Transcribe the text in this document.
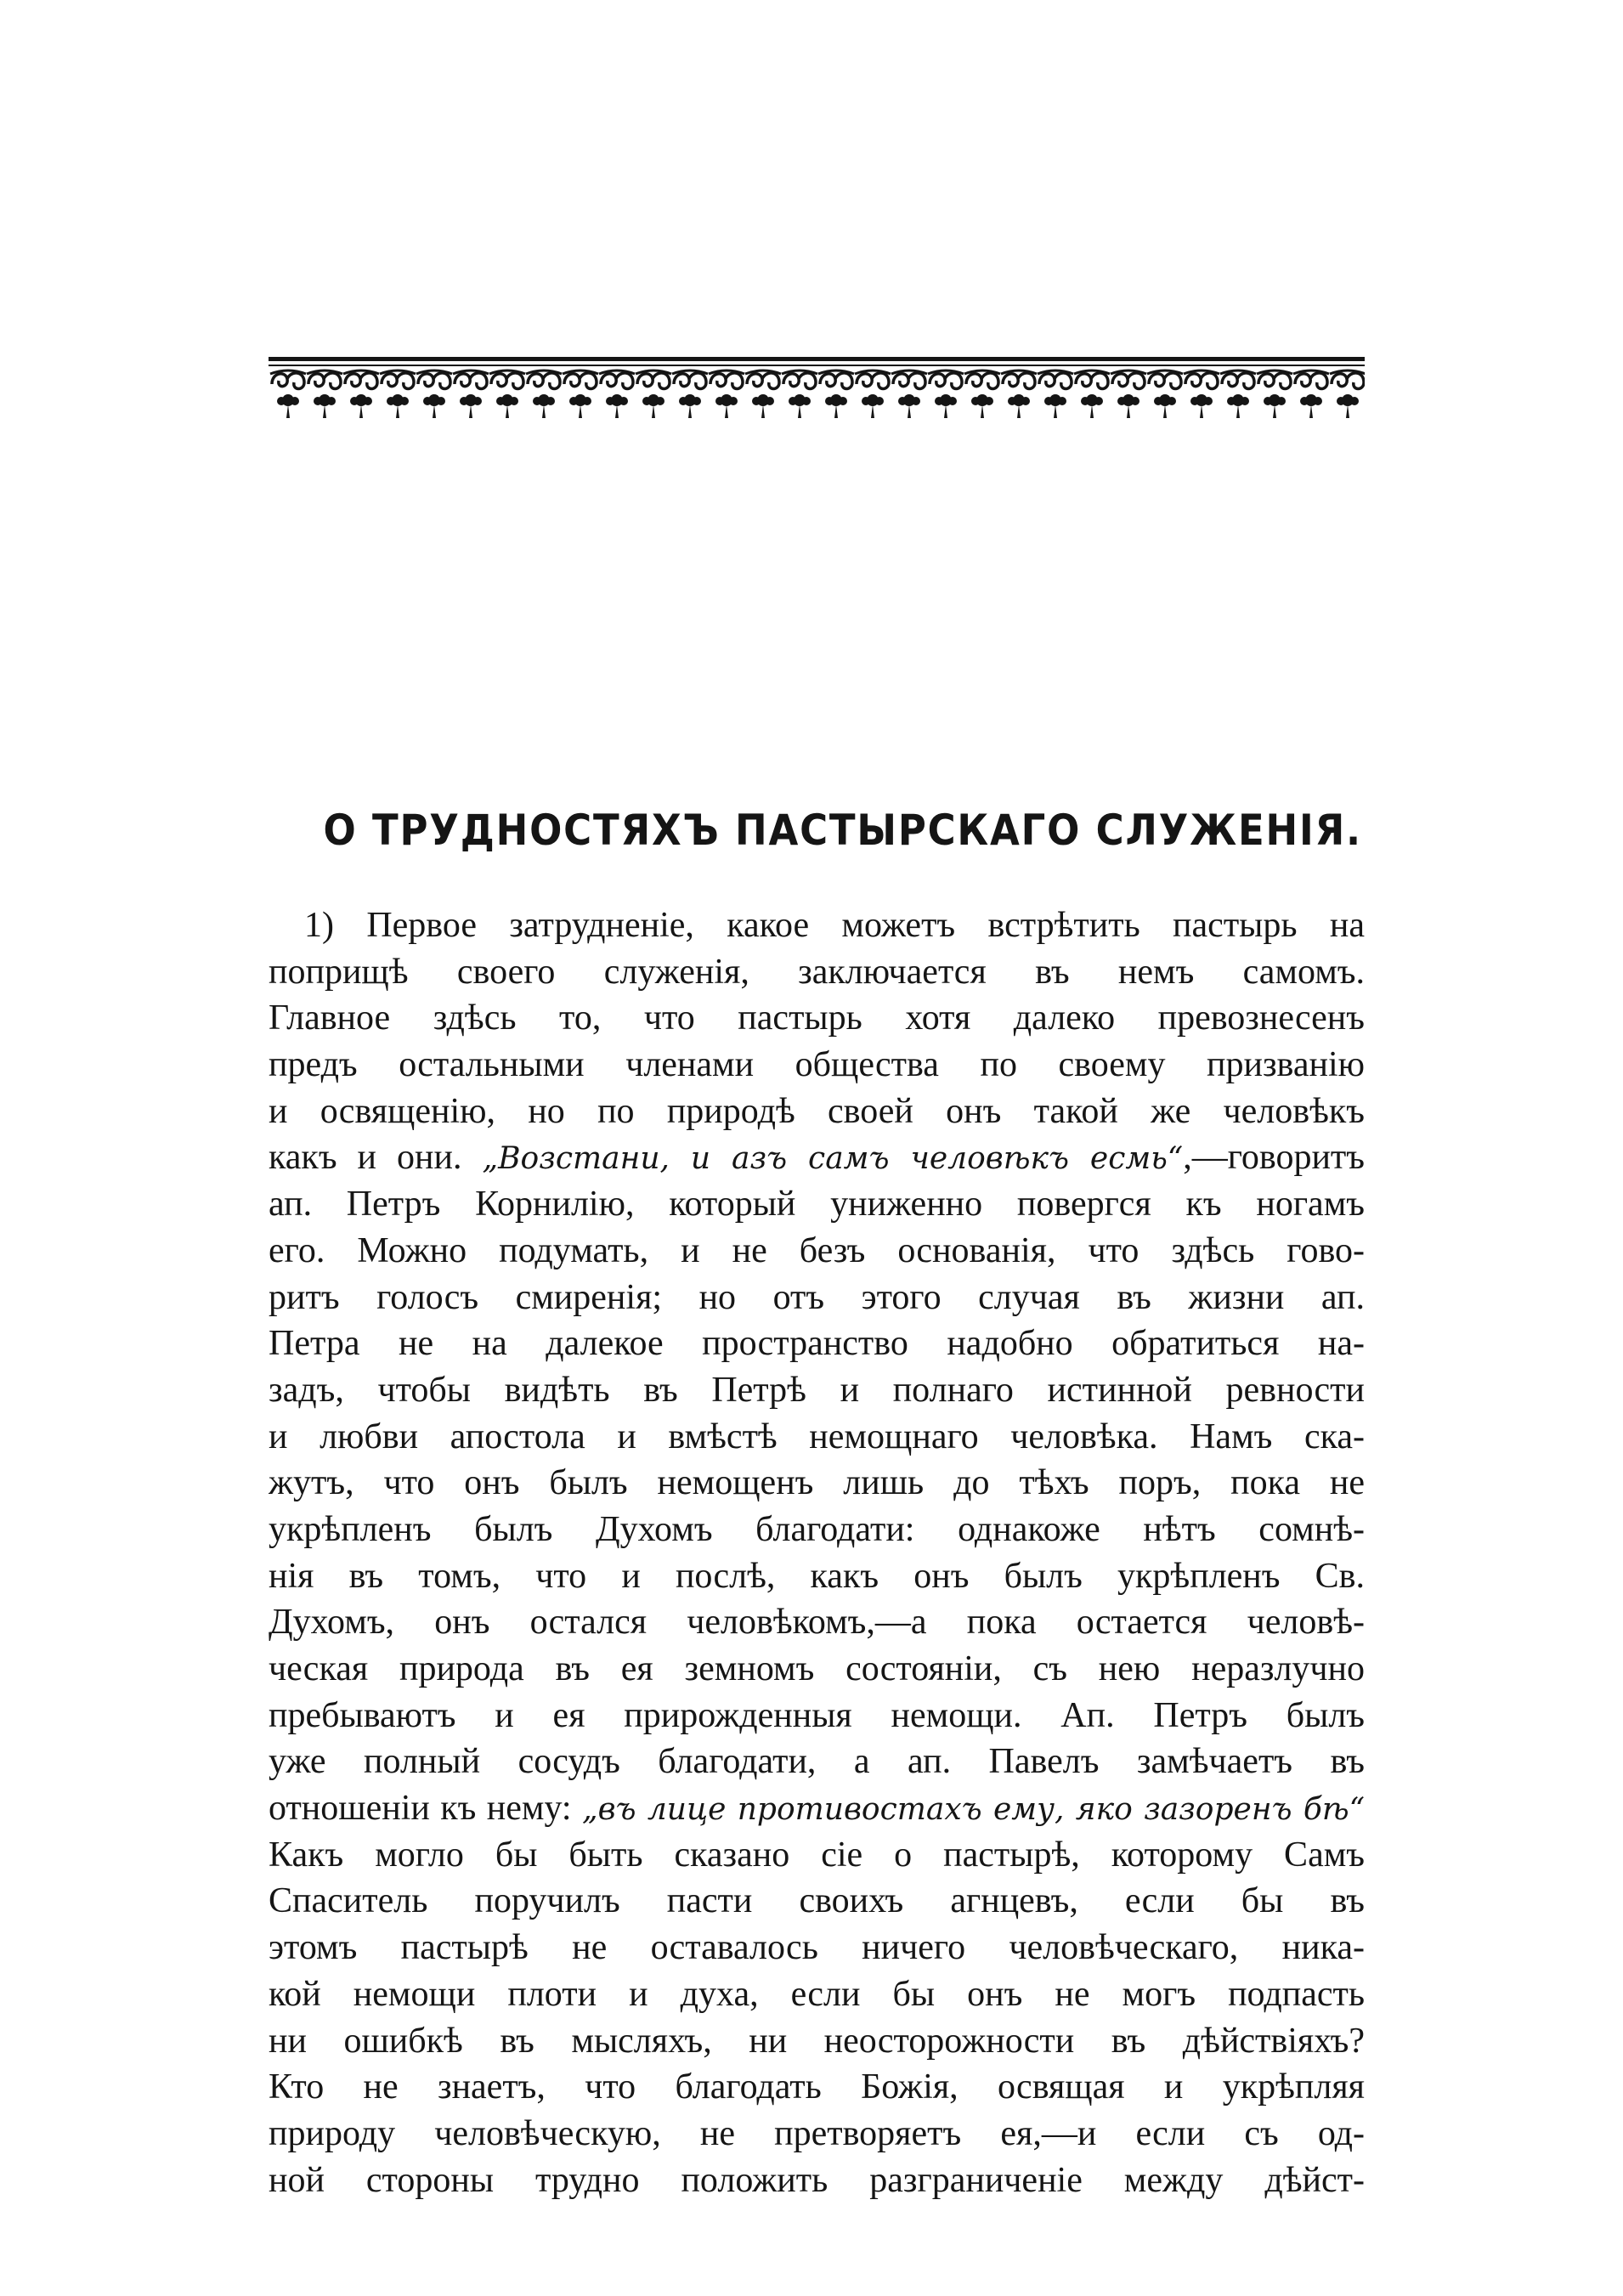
О ТРУДНОСТЯХЪ ПАСТЫРСКАГО СЛУЖЕНІЯ.
1) Первое затрудненіе, какое можетъ встрѣтить пастырь на
поприщѣ своего служенія, заключается въ немъ самомъ.
Главное здѣсь то, что пастырь хотя далеко превознесенъ
предъ остальными членами общества по своему призванію
и освященію, но по природѣ своей онъ такой же человѣкъ
какъ и они. „Возстани, и азъ самъ человѣкъ есмь“,—говоритъ
ап. Петръ Корнилію, который униженно повергся къ ногамъ
его. Можно подумать, и не безъ основанія, что здѣсь гово-
ритъ голосъ смиренія; но отъ этого случая въ жизни ап.
Петра не на далекое пространство надобно обратиться на-
задъ, чтобы видѣть въ Петрѣ и полнаго истинной ревности
и любви апостола и вмѣстѣ немощнаго человѣка. Намъ ска-
жутъ, что онъ былъ немощенъ лишь до тѣхъ поръ, пока не
укрѣпленъ былъ Духомъ благодати: однакоже нѣтъ сомнѣ-
нія въ томъ, что и послѣ, какъ онъ былъ укрѣпленъ Св.
Духомъ, онъ остался человѣкомъ,—а пока остается человѣ-
ческая природа въ ея земномъ состояніи, съ нею неразлучно
пребываютъ и ея прирожденныя немощи. Ап. Петръ былъ
уже полный сосудъ благодати, а ап. Павелъ замѣчаетъ въ
отношеніи къ нему: „въ лице противостахъ ему, яко зазоренъ бѣ“
Какъ могло бы быть сказано сіе о пастырѣ, которому Самъ
Спаситель поручилъ пасти своихъ агнцевъ, если бы въ
этомъ пастырѣ не оставалось ничего человѣческаго, ника-
кой немощи плоти и духа, если бы онъ не могъ подпасть
ни ошибкѣ въ мысляхъ, ни неосторожности въ дѣйствіяхъ?
Кто не знаетъ, что благодать Божія, освящая и укрѣпляя
природу человѣческую, не претворяетъ ея,—и если съ од-
ной стороны трудно положить разграниченіе между дѣйст-
